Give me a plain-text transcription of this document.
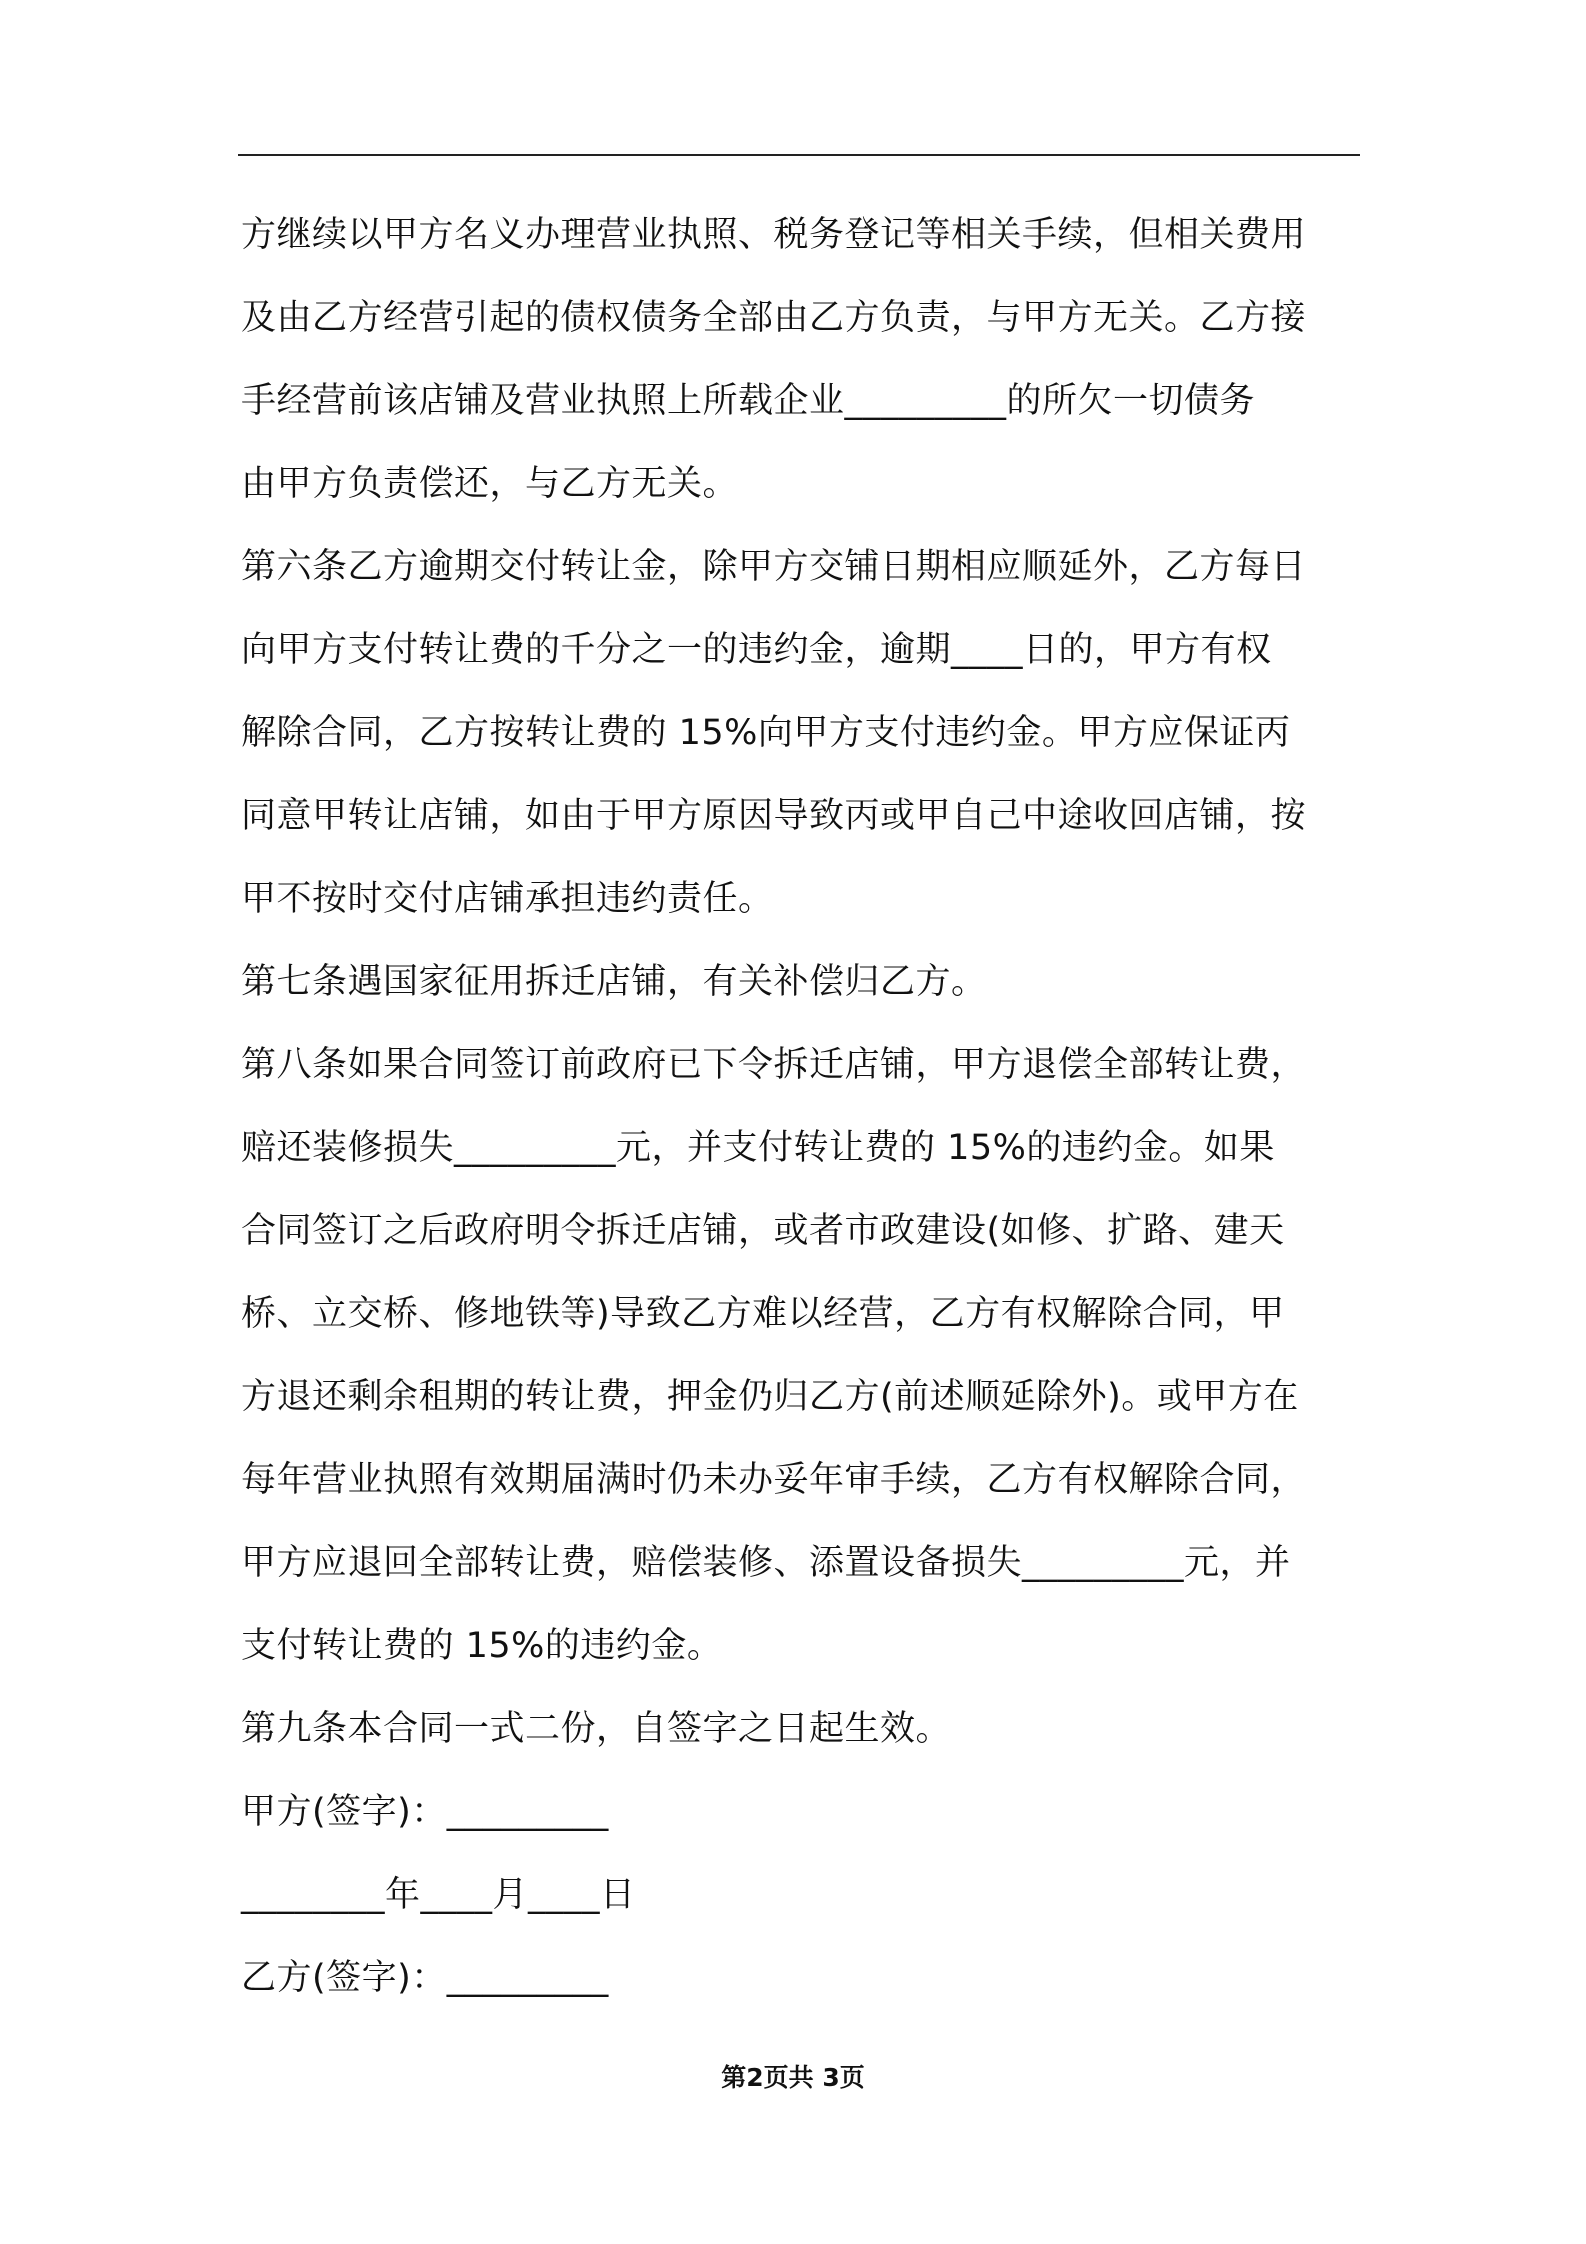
方继续以甲方名义办理营业执照、税务登记等相关手续，但相关费用
及由乙方经营引起的债权债务全部由乙方负责，与甲方无关。乙方接
手经营前该店铺及营业执照上所载企业_________的所欠一切债务
由甲方负责偿还，与乙方无关。
第六条乙方逾期交付转让金，除甲方交铺日期相应顺延外，乙方每日
向甲方支付转让费的千分之一的违约金，逾期____日的，甲方有权
解除合同，乙方按转让费的 15%向甲方支付违约金。甲方应保证丙
同意甲转让店铺，如由于甲方原因导致丙或甲自己中途收回店铺，按
甲不按时交付店铺承担违约责任。
第七条遇国家征用拆迁店铺，有关补偿归乙方。
第八条如果合同签订前政府已下令拆迁店铺，甲方退偿全部转让费，
赔还装修损失_________元，并支付转让费的 15%的违约金。如果
合同签订之后政府明令拆迁店铺，或者市政建设(如修、扩路、建天
桥、立交桥、修地铁等)导致乙方难以经营，乙方有权解除合同，甲
方退还剩余租期的转让费，押金仍归乙方(前述顺延除外)。或甲方在
每年营业执照有效期届满时仍未办妥年审手续，乙方有权解除合同，
甲方应退回全部转让费，赔偿装修、添置设备损失_________元，并
支付转让费的 15%的违约金。
第九条本合同一式二份，自签字之日起生效。
甲方(签字)：_________
________年____月____日
乙方(签字)：_________
第2页共 3页
